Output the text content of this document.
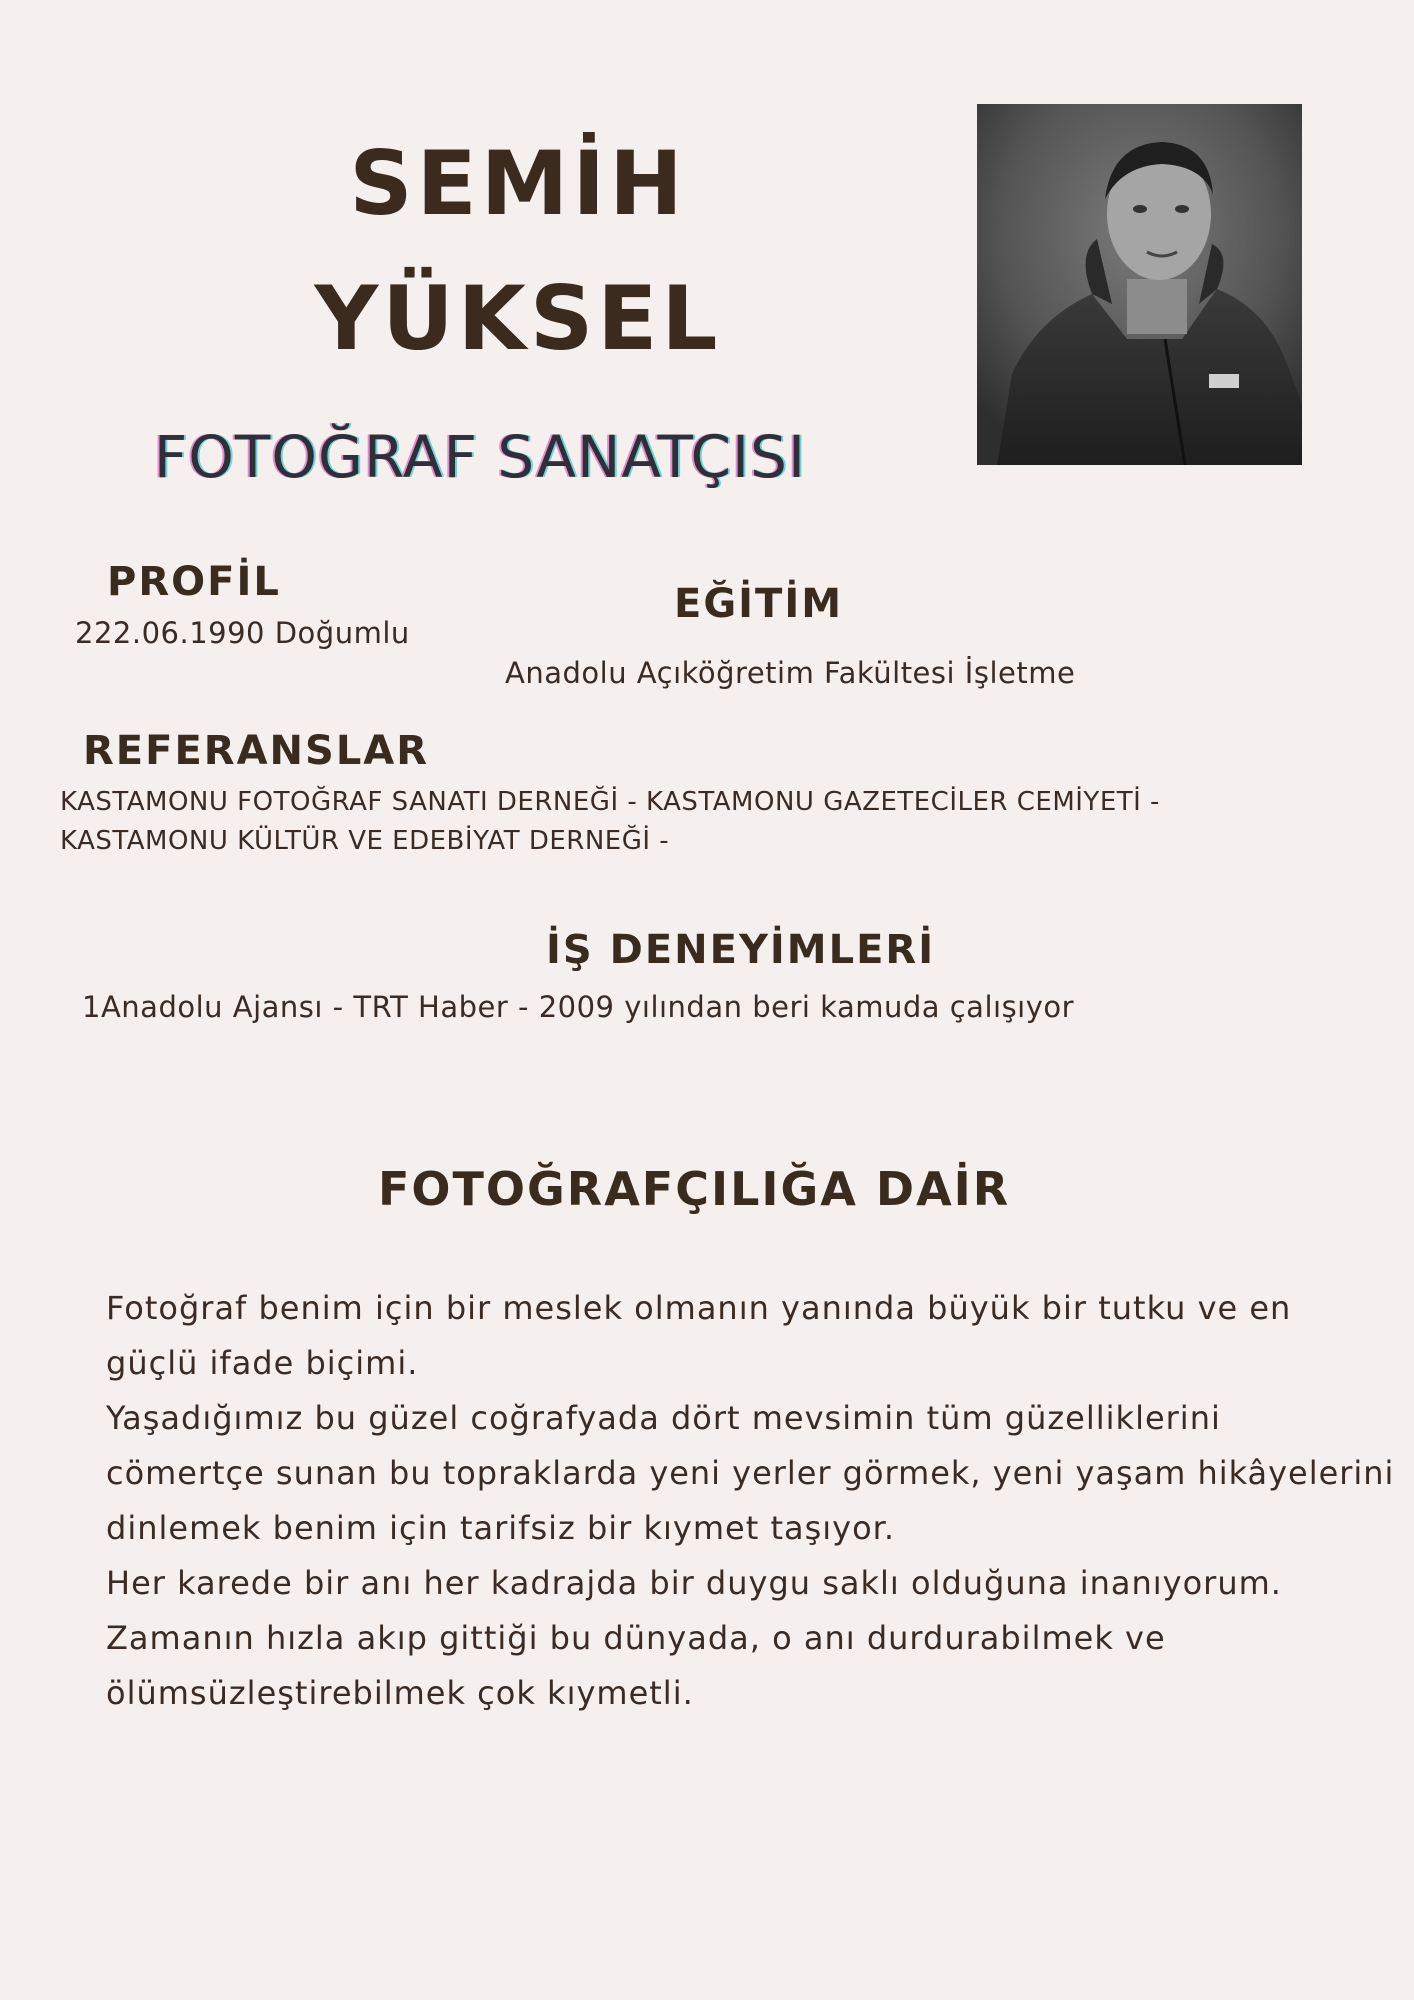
SEMİH
YÜKSEL
FOTOĞRAF SANATÇISI
PROFİL

222.06.1990 Doğumlu

EĞİTİM

Anadolu Açıköğretim Fakültesi İşletme

REFERANSLAR

KASTAMONU FOTOĞRAF SANATI DERNEĞİ - KASTAMONU GAZETECİLER CEMİYETİ -

KASTAMONU KÜLTÜR VE EDEBİYAT DERNEĞİ -

İŞ DENEYİMLERİ

1Anadolu Ajansı - TRT Haber - 2009 yılından beri kamuda çalışıyor

FOTOĞRAFÇILIĞA DAİR

Fotoğraf benim için bir meslek olmanın yanında büyük bir tutku ve en

güçlü ifade biçimi.

Yaşadığımız bu güzel coğrafyada dört mevsimin tüm güzelliklerini

cömertçe sunan bu topraklarda yeni yerler görmek, yeni yaşam hikâyelerini

dinlemek benim için tarifsiz bir kıymet taşıyor.

Her karede bir anı her kadrajda bir duygu saklı olduğuna inanıyorum.

Zamanın hızla akıp gittiği bu dünyada, o anı durdurabilmek ve

ölümsüzleştirebilmek çok kıymetli.
